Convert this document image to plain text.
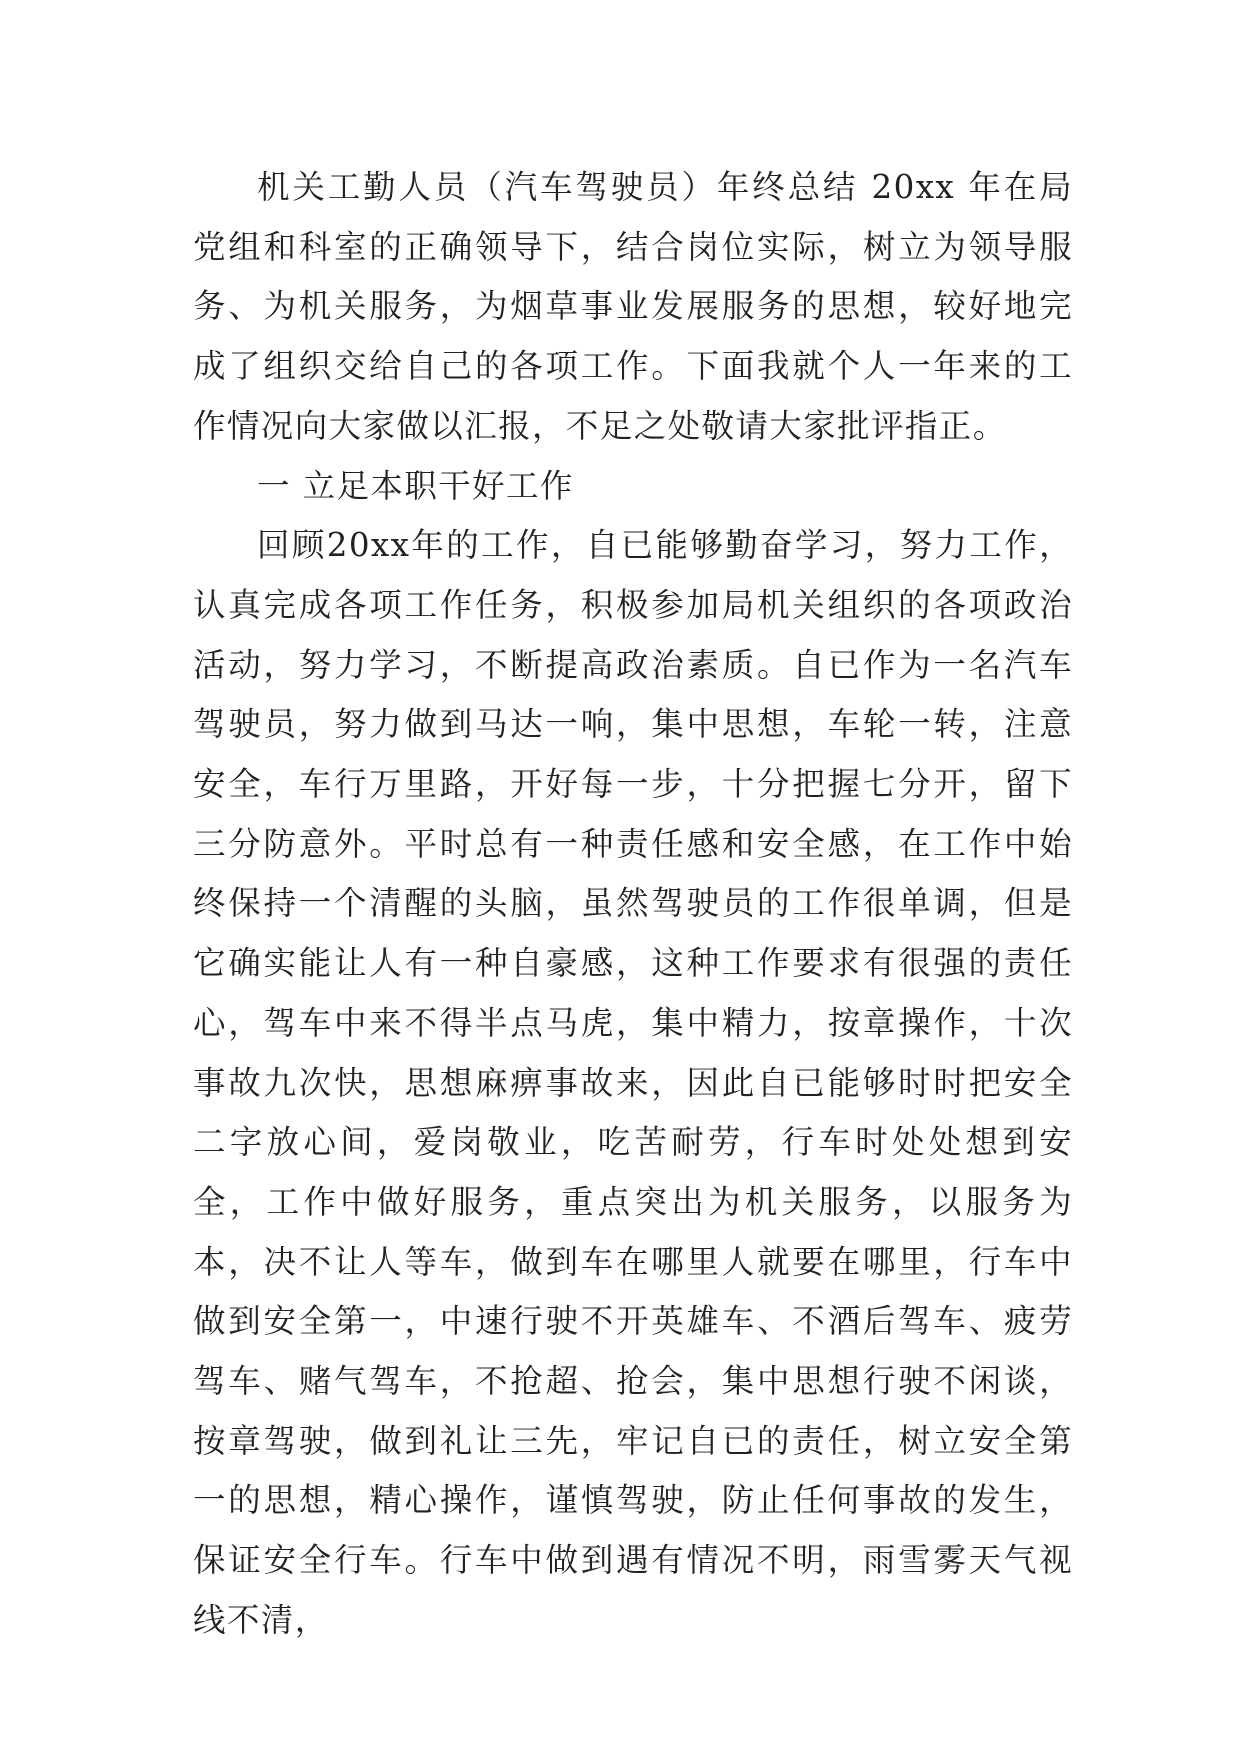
机关工勤人员（汽车驾驶员）年终总结 20xx 年在局党组和科室的正确领导下，结合岗位实际，树立为领导服务、为机关服务，为烟草事业发展服务的思想，较好地完成了组织交给自己的各项工作。下面我就个人一年来的工作情况向大家做以汇报，不足之处敬请大家批评指正。

一 立足本职干好工作

回顾20xx年的工作，自已能够勤奋学习，努力工作，认真完成各项工作任务，积极参加局机关组织的各项政治活动，努力学习，不断提高政治素质。自已作为一名汽车驾驶员，努力做到马达一响，集中思想，车轮一转，注意安全，车行万里路，开好每一步，十分把握七分开，留下三分防意外。平时总有一种责任感和安全感，在工作中始终保持一个清醒的头脑，虽然驾驶员的工作很单调，但是它确实能让人有一种自豪感，这种工作要求有很强的责任心，驾车中来不得半点马虎，集中精力，按章操作，十次事故九次快，思想麻痹事故来，因此自已能够时时把安全二字放心间，爱岗敬业，吃苦耐劳，行车时处处想到安全，工作中做好服务，重点突出为机关服务，以服务为本，决不让人等车，做到车在哪里人就要在哪里，行车中做到安全第一，中速行驶不开英雄车、不酒后驾车、疲劳驾车、赌气驾车，不抢超、抢会，集中思想行驶不闲谈，按章驾驶，做到礼让三先，牢记自已的责任，树立安全第一的思想，精心操作，谨慎驾驶，防止任何事故的发生，保证安全行车。行车中做到遇有情况不明，雨雪雾天气视线不清，
